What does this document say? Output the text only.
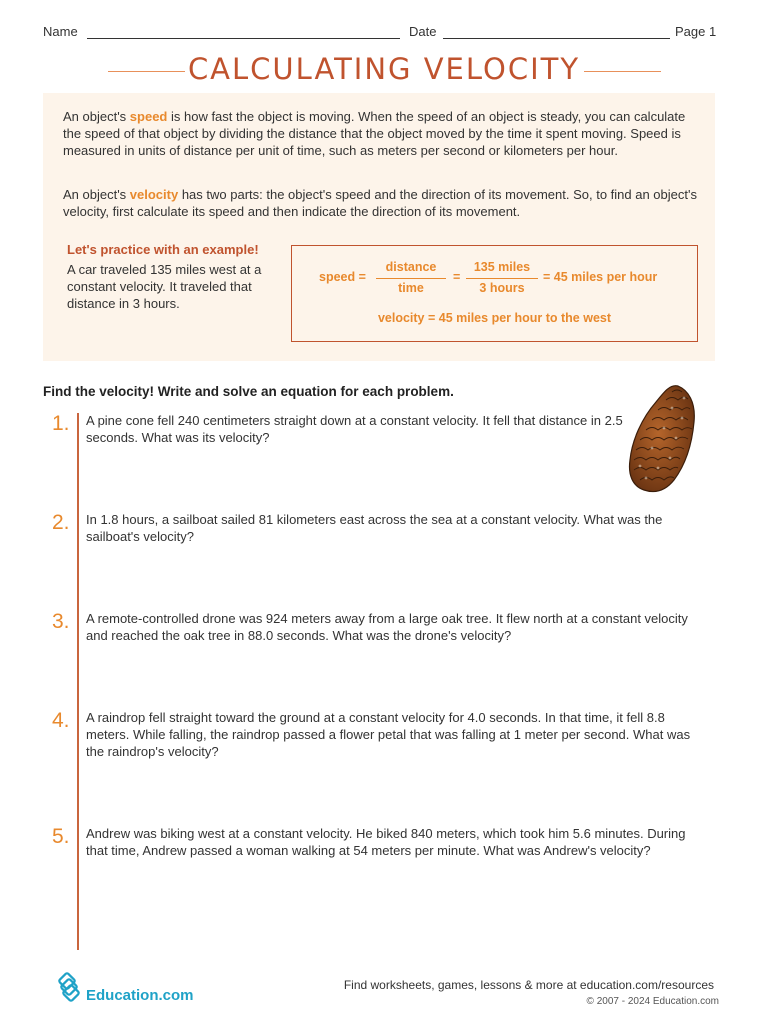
Name	Date	Page 1
CALCULATING VELOCITY
An object's speed is how fast the object is moving. When the speed of an object is steady, you can calculate the speed of that object by dividing the distance that the object moved by the time it spent moving. Speed is measured in units of distance per unit of time, such as meters per second or kilometers per hour.
An object's velocity has two parts: the object's speed and the direction of its movement. So, to find an object's velocity, first calculate its speed and then indicate the direction of its movement.
Let's practice with an example!
A car traveled 135 miles west at a constant velocity. It traveled that distance in 3 hours.
speed =
distance
time
=
135 miles
3 hours
= 45 miles per hour
velocity = 45 miles per hour to the west
Find the velocity! Write and solve an equation for each problem.
1.	A pine cone fell 240 centimeters straight down at a constant velocity. It fell that distance in 2.5 seconds. What was its velocity?
2.	In 1.8 hours, a sailboat sailed 81 kilometers east across the sea at a constant velocity. What was the sailboat's velocity?
3.	A remote-controlled drone was 924 meters away from a large oak tree. It flew north at a constant velocity and reached the oak tree in 88.0 seconds. What was the drone's velocity?
4.	A raindrop fell straight toward the ground at a constant velocity for 4.0 seconds. In that time, it fell 8.8 meters. While falling, the raindrop passed a flower petal that was falling at 1 meter per second. What was the raindrop's velocity?
5.	Andrew was biking west at a constant velocity. He biked 840 meters, which took him 5.6 minutes. During that time, Andrew passed a woman walking at 54 meters per minute. What was Andrew's velocity?
Education.com
Find worksheets, games, lessons & more at education.com/resources
© 2007 - 2024 Education.com
